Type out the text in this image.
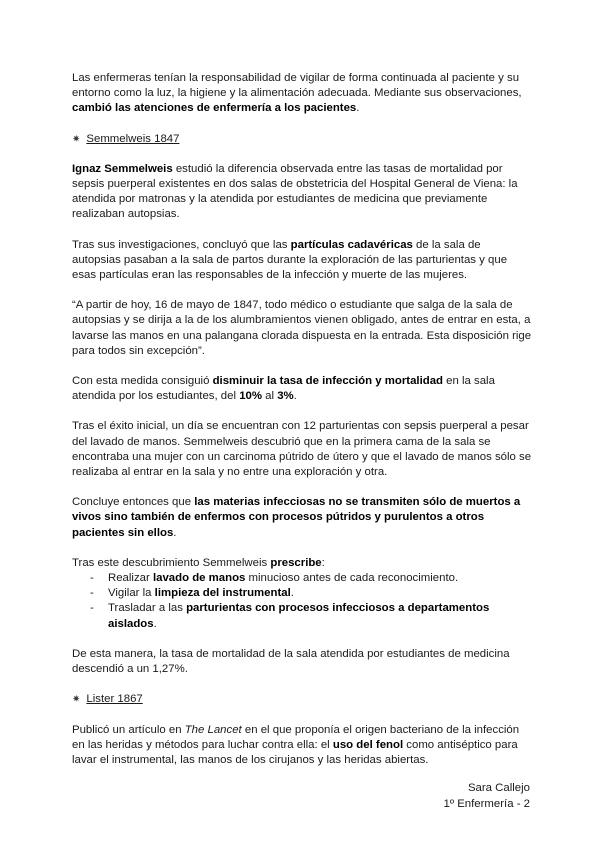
Las enfermeras tenían la responsabilidad de vigilar de forma continuada al paciente y su entorno como la luz, la higiene y la alimentación adecuada. Mediante sus observaciones, cambió las atenciones de enfermería a los pacientes.

✷ Semmelweis 1847

Ignaz Semmelweis estudió la diferencia observada entre las tasas de mortalidad por sepsis puerperal existentes en dos salas de obstetricia del Hospital General de Viena: la atendida por matronas y la atendida por estudiantes de medicina que previamente realizaban autopsias.

Tras sus investigaciones, concluyó que las partículas cadavéricas de la sala de autopsias pasaban a la sala de partos durante la exploración de las parturientas y que esas partículas eran las responsables de la infección y muerte de las mujeres.

“A partir de hoy, 16 de mayo de 1847, todo médico o estudiante que salga de la sala de autopsias y se dirija a la de los alumbramientos vienen obligado, antes de entrar en esta, a lavarse las manos en una palangana clorada dispuesta en la entrada. Esta disposición rige para todos sin excepción”.

Con esta medida consiguió disminuir la tasa de infección y mortalidad en la sala atendida por los estudiantes, del 10% al 3%.

Tras el éxito inicial, un día se encuentran con 12 parturientas con sepsis puerperal a pesar del lavado de manos. Semmelweis descubrió que en la primera cama de la sala se encontraba una mujer con un carcinoma pútrido de útero y que el lavado de manos sólo se realizaba al entrar en la sala y no entre una exploración y otra.

Concluye entonces que las materias infecciosas no se transmiten sólo de muertos a vivos sino también de enfermos con procesos pútridos y purulentos a otros pacientes sin ellos.

Tras este descubrimiento Semmelweis prescribe:

- Realizar lavado de manos minucioso antes de cada reconocimiento.
- Vigilar la limpieza del instrumental.
- Trasladar a las parturientas con procesos infecciosos a departamentos aislados.

De esta manera, la tasa de mortalidad de la sala atendida por estudiantes de medicina descendió a un 1,27%.

✷ Lister 1867

Publicó un artículo en The Lancet en el que proponía el origen bacteriano de la infección en las heridas y métodos para luchar contra ella: el uso del fenol como antiséptico para lavar el instrumental, las manos de los cirujanos y las heridas abiertas.

Sara Callejo
1º Enfermería - 2
